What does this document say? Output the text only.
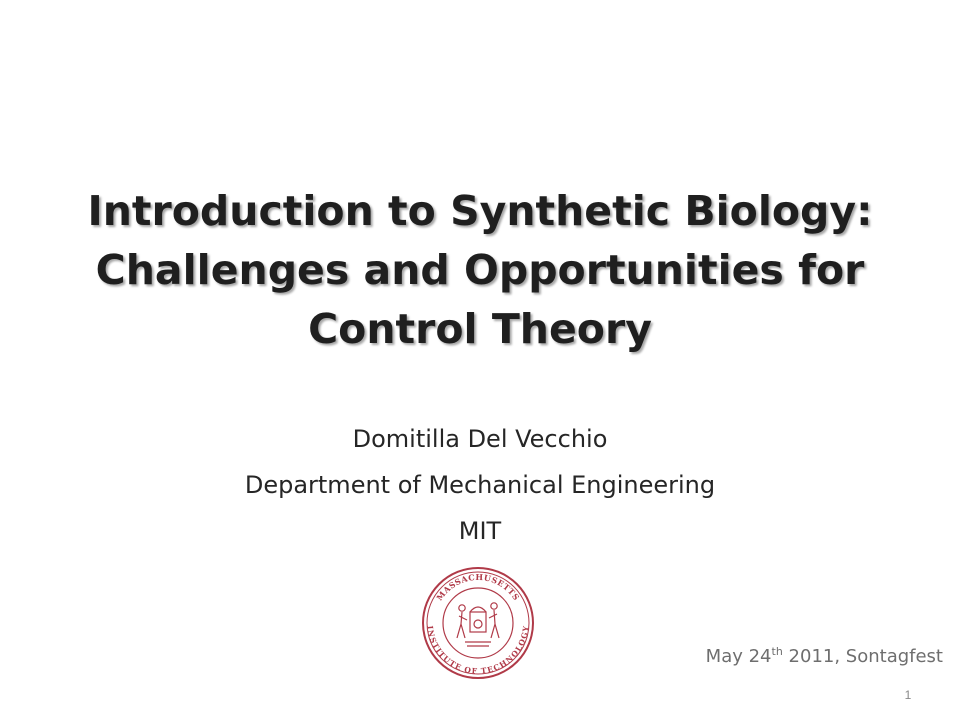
Introduction to Synthetic Biology:
Challenges and Opportunities for
Control Theory
Domitilla Del Vecchio
Department of Mechanical Engineering
MIT
MASSACHUSETTS
INSTITUTE OF TECHNOLOGY
May 24th 2011, Sontagfest
1
